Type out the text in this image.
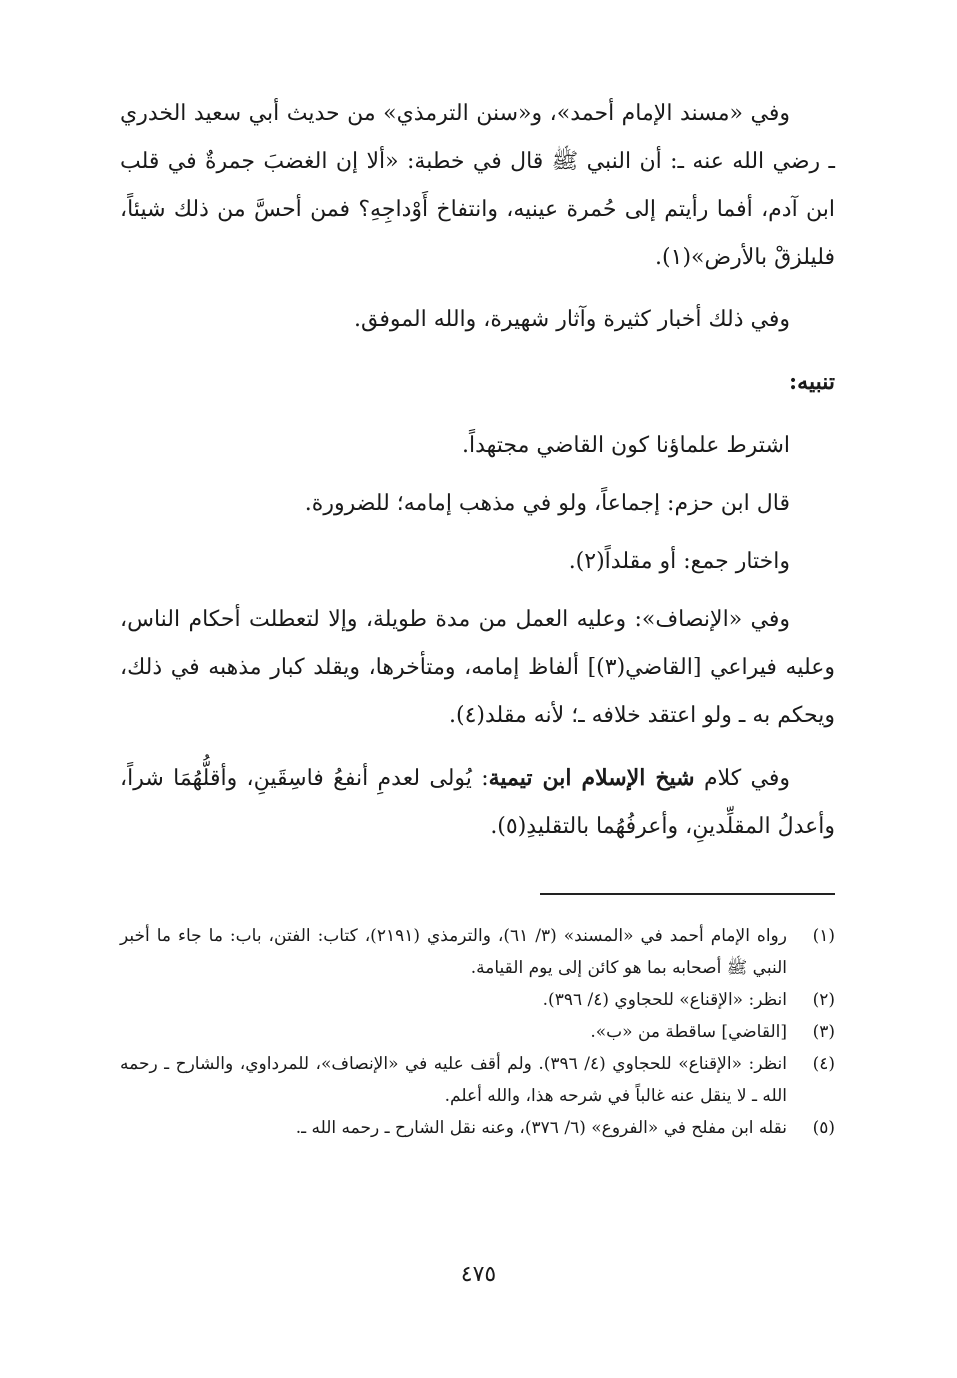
وفي «مسند الإمام أحمد»، و«سنن الترمذي» من حديث أبي سعيد الخدري ـ رضي الله عنه ـ: أن النبي ﷺ قال في خطبة: «ألا إن الغضبَ جمرةٌ في قلب ابن آدم، أفما رأيتم إلى حُمرة عينيه، وانتفاخ أَوْداجِهِ؟ فمن أحسَّ من ذلك شيئاً، فليلزقْ بالأرض»(١).

وفي ذلك أخبار كثيرة وآثار شهيرة، والله الموفق.

تنبيه:

اشترط علماؤنا كون القاضي مجتهداً.

قال ابن حزم: إجماعاً، ولو في مذهب إمامه؛ للضرورة.

واختار جمع: أو مقلداً(٢).

وفي «الإنصاف»: وعليه العمل من مدة طويلة، وإلا لتعطلت أحكام الناس، وعليه فيراعي [القاضي(٣)] ألفاظ إمامه، ومتأخرها، ويقلد كبار مذهبه في ذلك، ويحكم به ـ ولو اعتقد خلافه ـ؛ لأنه مقلد(٤).

وفي كلام شيخ الإسلام ابن تيمية: يُولى لعدمِ أنفعُ فاسِقَينِ، وأقلُّهُمَا شراً، وأعدلُ المقلِّدينِ، وأعرفُهُما بالتقليدِ(٥).

(١)
رواه الإمام أحمد في «المسند» (٣/ ٦١)، والترمذي (٢١٩١)، كتاب: الفتن، باب: ما جاء ما أخبر النبي ﷺ أصحابه بما هو كائن إلى يوم القيامة.
(٢)
انظر: «الإقناع» للحجاوي (٤/ ٣٩٦).
(٣)
[القاضي] ساقطة من «ب».
(٤)
انظر: «الإقناع» للحجاوي (٤/ ٣٩٦). ولم أقف عليه في «الإنصاف»، للمرداوي، والشارح ـ رحمه الله ـ لا ينقل عنه غالباً في شرحه هذا، والله أعلم.
(٥)
نقله ابن مفلح في «الفروع» (٦/ ٣٧٦)، وعنه نقل الشارح ـ رحمه الله ـ.
٤٧٥
